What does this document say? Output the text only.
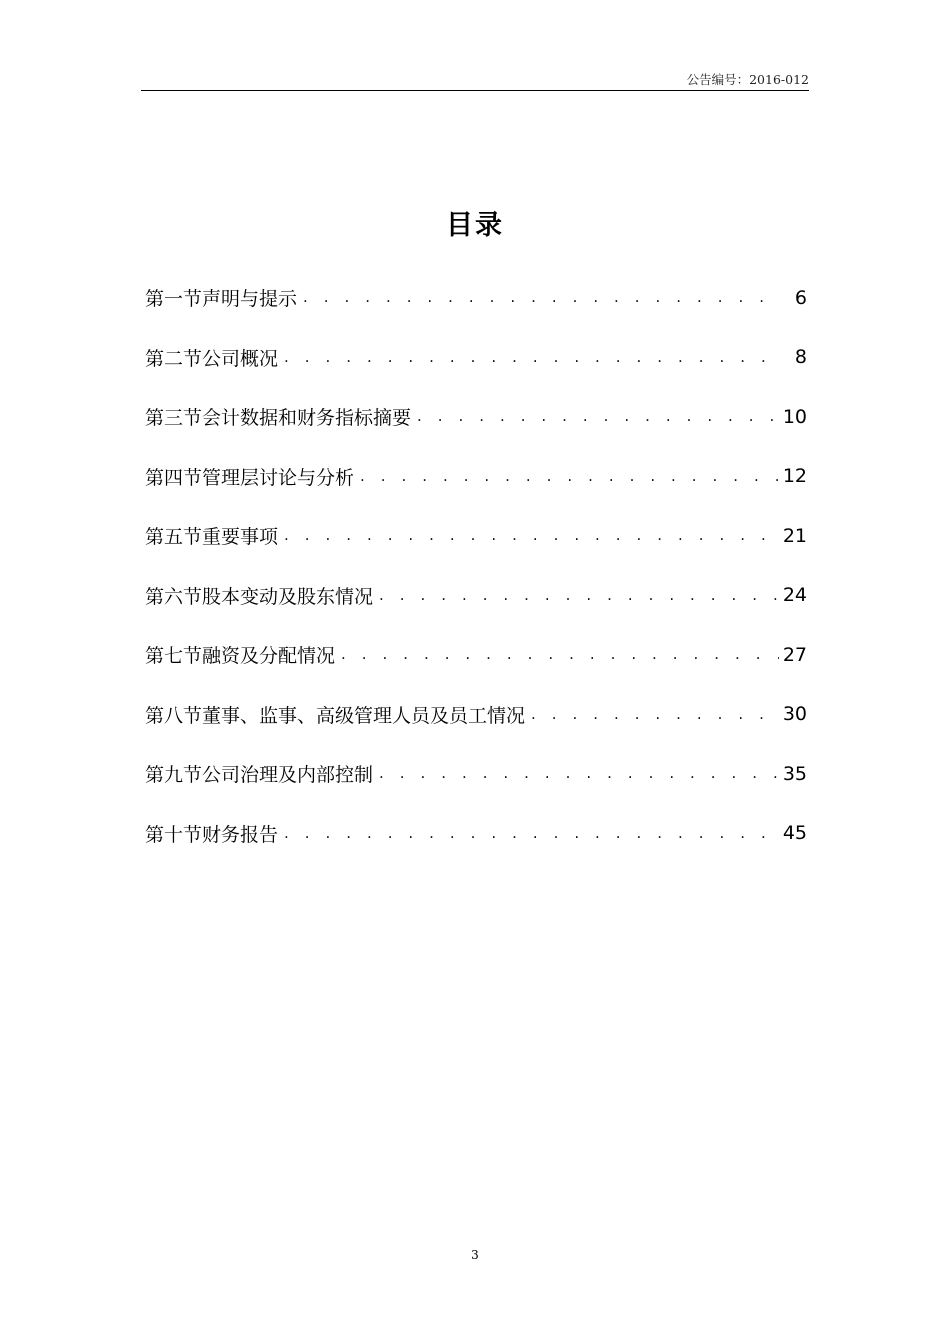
公告编号：2016-012
目录
第一节声明与提示 . . .	6
第二节公司概况 . . .	8
第三节会计数据和财务指标摘要 . . .	10
第四节管理层讨论与分析 . . .	12
第五节重要事项 . . .	21
第六节股本变动及股东情况 . . .	24
第七节融资及分配情况 . . .	27
第八节董事、监事、高级管理人员及员工情况 . . .	30
第九节公司治理及内部控制 . . .	35
第十节财务报告 . . .	45
3
